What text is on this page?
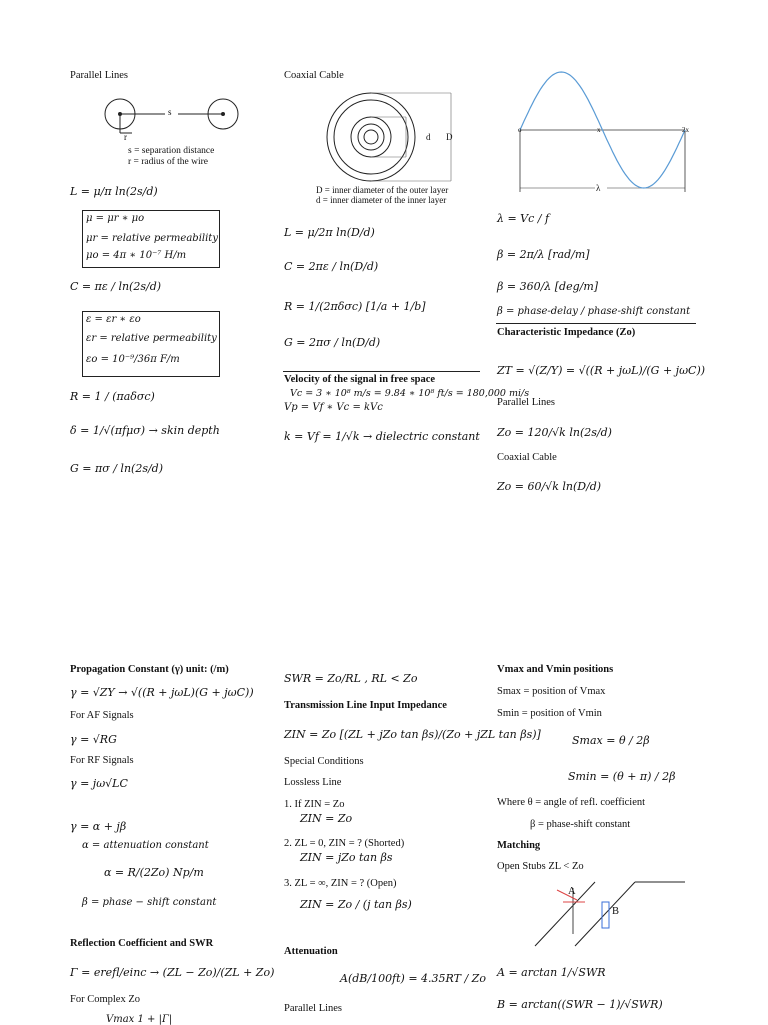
Parallel Lines
s
r
s = separation distance
r = radius of the wire
L = μ/π ln(2s/d)
μ = μr ∗ μo
μr = relative permeability
μo = 4π ∗ 10⁻⁷ H/m
C = πε / ln(2s/d)
ε = εr ∗ εo
εr = relative permeability
εo = 10⁻⁹/36π F/m
R = 1 / (πaδσc)
δ = 1/√(πfμσ) → skin depth
G = πσ / ln(2s/d)
Propagation Constant (γ) unit: (/m)
γ = √ZY → √((R + jωL)(G + jωC))
For AF Signals
γ = √RG
For RF Signals
γ = jω√LC
γ = α + jβ
α = attenuation constant
α = R/(2Zo) Np/m
β = phase − shift constant
Reflection Coefficient and SWR
Γ = erefl/einc → (ZL − Zo)/(ZL + Zo)
For Complex Zo
Vmax 1 + |Γ|
Coaxial Cable
d D
D = inner diameter of the outer layer
d = inner diameter of the inner layer
L = μ/2π ln(D/d)
C = 2πε / ln(D/d)
R = 1/(2πδσc) [1/a + 1/b]
G = 2πσ / ln(D/d)
Velocity of the signal in free space
Vc = 3 ∗ 10⁸ m/s = 9.84 ∗ 10⁸ ft/s = 180,000 mi/s
Vp = Vf ∗ Vc = kVc
k = Vf = 1/√k → dielectric constant
SWR = Zo/RL , RL < Zo
Transmission Line Input Impedance
ZIN = Zo [(ZL + jZo tan βs)/(Zo + jZL tan βs)]
Special Conditions
Lossless Line
1. If ZIN = Zo
ZIN = Zo
2. ZL = 0, ZIN = ? (Shorted)
ZIN = jZo tan βs
3. ZL = ∞, ZIN = ? (Open)
ZIN = Zo / (j tan βs)
Attenuation
A(dB/100ft) = 4.35RT / Zo
Parallel Lines
o	x	2x
λ
λ = Vc / f
β = 2π/λ [rad/m]
β = 360/λ [deg/m]
β = phase-delay / phase-shift constant
Characteristic Impedance (Zo)
ZT = √(Z/Y) = √((R + jωL)/(G + jωC))
Parallel Lines
Zo = 120/√k ln(2s/d)
Coaxial Cable
Zo = 60/√k ln(D/d)
Vmax and Vmin positions
Smax = position of Vmax
Smin = position of Vmin
Smax = θ / 2β
Smin = (θ + π) / 2β
Where θ = angle of refl. coefficient
β = phase-shift constant
Matching
Open Stubs ZL < Zo
A
B
A = arctan 1/√SWR
B = arctan((SWR − 1)/√SWR)
